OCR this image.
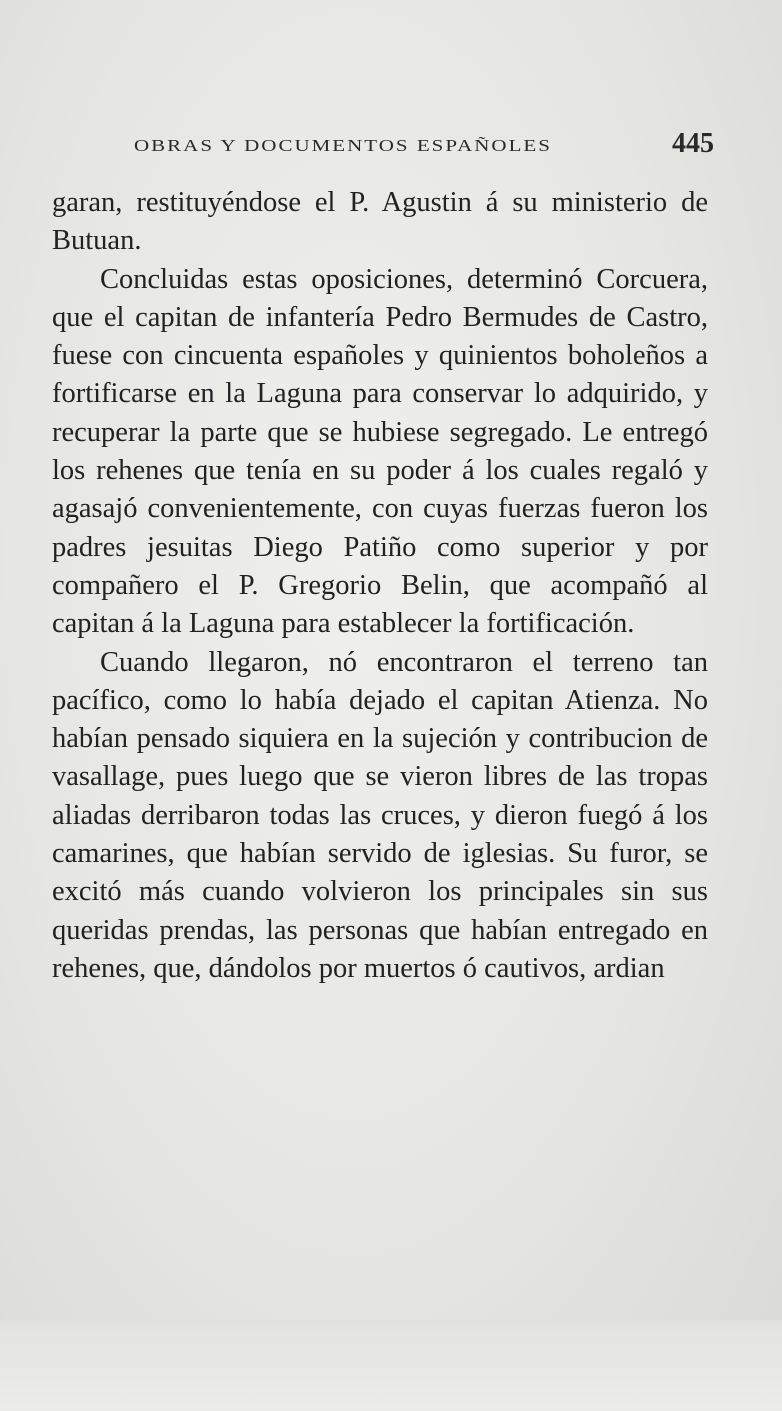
OBRAS Y DOCUMENTOS ESPAÑOLES	445

garan, restituyéndose el P. Agustin á su ministerio de Butuan.

Concluidas estas oposiciones, determinó Corcuera, que el capitan de infantería Pedro Bermudes de Castro, fuese con cincuenta españoles y quinientos boholeños a fortificarse en la Laguna para conservar lo adquirido, y recuperar la parte que se hubiese segregado. Le entregó los rehenes que tenía en su poder á los cuales regaló y agasajó convenientemente, con cuyas fuerzas fueron los padres jesuitas Diego Patiño como superior y por compañero el P. Gregorio Belin, que acompañó al capitan á la Laguna para establecer la fortificación.

Cuando llegaron, nó encontraron el terreno tan pacífico, como lo había dejado el capitan Atienza. No habían pensado siquiera en la sujeción y contribucion de vasallage, pues luego que se vieron libres de las tropas aliadas derribaron todas las cruces, y dieron fuegó á los camarines, que habían servido de iglesias. Su furor, se excitó más cuando volvieron los principales sin sus queridas prendas, las personas que habían entregado en rehenes, que, dándolos por muertos ó cautivos, ardian
